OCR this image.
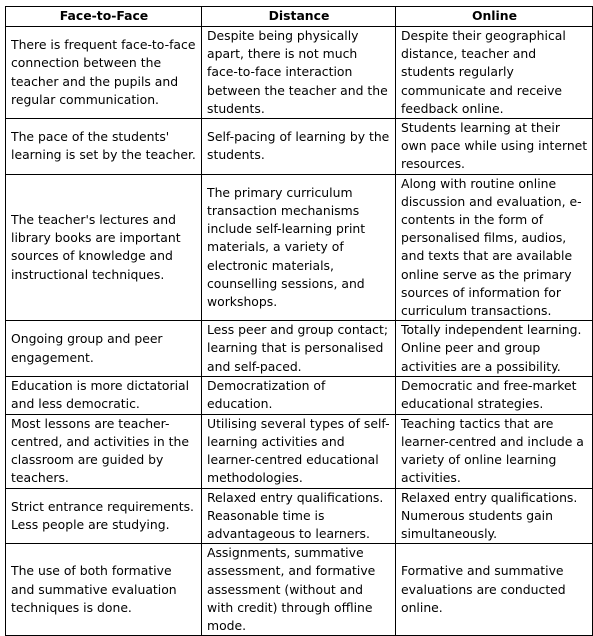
Face-to-Face	Distance	Online

There is frequent face-to-face connection between the teacher and the pupils and regular communication.	Despite being physically apart, there is not much face-to-face interaction between the teacher and the students.	Despite their geographical distance, teacher and students regularly communicate and receive feedback online.

The pace of the students' learning is set by the teacher.	Self-pacing of learning by the students.	Students learning at their own pace while using internet resources.

The teacher's lectures and library books are important sources of knowledge and instructional techniques.	The primary curriculum transaction mechanisms include self-learning print materials, a variety of electronic materials, counselling sessions, and workshops.	Along with routine online discussion and evaluation, e-contents in the form of personalised films, audios, and texts that are available online serve as the primary sources of information for curriculum transactions.

Ongoing group and peer engagement.	Less peer and group contact; learning that is personalised and self-paced.	Totally independent learning. Online peer and group activities are a possibility.

Education is more dictatorial and less democratic.	Democratization of education.	Democratic and free-market educational strategies.

Most lessons are teacher-centred, and activities in the classroom are guided by teachers.	Utilising several types of self-learning activities and learner-centred educational methodologies.	Teaching tactics that are learner-centred and include a variety of online learning activities.

Strict entrance requirements. Less people are studying.	Relaxed entry qualifications. Reasonable time is advantageous to learners.	Relaxed entry qualifications. Numerous students gain simultaneously.

The use of both formative and summative evaluation techniques is done.	Assignments, summative assessment, and formative assessment (without and with credit) through offline mode.	Formative and summative evaluations are conducted online.
